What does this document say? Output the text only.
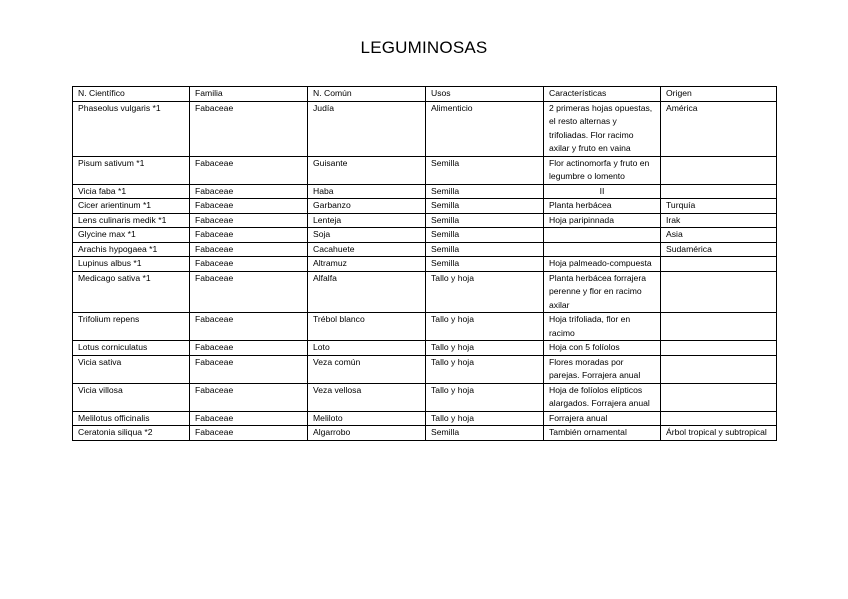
LEGUMINOSAS
N. Científico	Familia	N. Común	Usos	Características	Origen
Phaseolus vulgaris *1	Fabaceae	Judía	Alimenticio	2 primeras hojas opuestas, el resto alternas y trifoliadas. Flor racimo axilar y fruto en vaina	América
Pisum sativum *1	Fabaceae	Guisante	Semilla	Flor actinomorfa y fruto en legumbre o lomento	
Vicia faba *1	Fabaceae	Haba	Semilla	II	
Cicer arientinum *1	Fabaceae	Garbanzo	Semilla	Planta herbácea	Turquía
Lens culinaris medik *1	Fabaceae	Lenteja	Semilla	Hoja paripinnada	Irak
Glycine max *1	Fabaceae	Soja	Semilla		Asia
Arachis hypogaea *1	Fabaceae	Cacahuete	Semilla		Sudamérica
Lupinus albus *1	Fabaceae	Altramuz	Semilla	Hoja palmeado-compuesta	
Medicago sativa *1	Fabaceae	Alfalfa	Tallo y hoja	Planta herbácea forrajera perenne y flor en racimo axilar	
Trifolium repens	Fabaceae	Trébol blanco	Tallo y hoja	Hoja trifoliada, flor en racimo	
Lotus corniculatus	Fabaceae	Loto	Tallo y hoja	Hoja con 5 folíolos	
Vicia sativa	Fabaceae	Veza común	Tallo y hoja	Flores moradas por parejas. Forrajera anual	
Vicia villosa	Fabaceae	Veza vellosa	Tallo y hoja	Hoja de folíolos elípticos alargados. Forrajera anual	
Melilotus officinalis	Fabaceae	Meliloto	Tallo y hoja	Forrajera anual	
Ceratonia siliqua *2	Fabaceae	Algarrobo	Semilla	También ornamental	Árbol tropical y subtropical
